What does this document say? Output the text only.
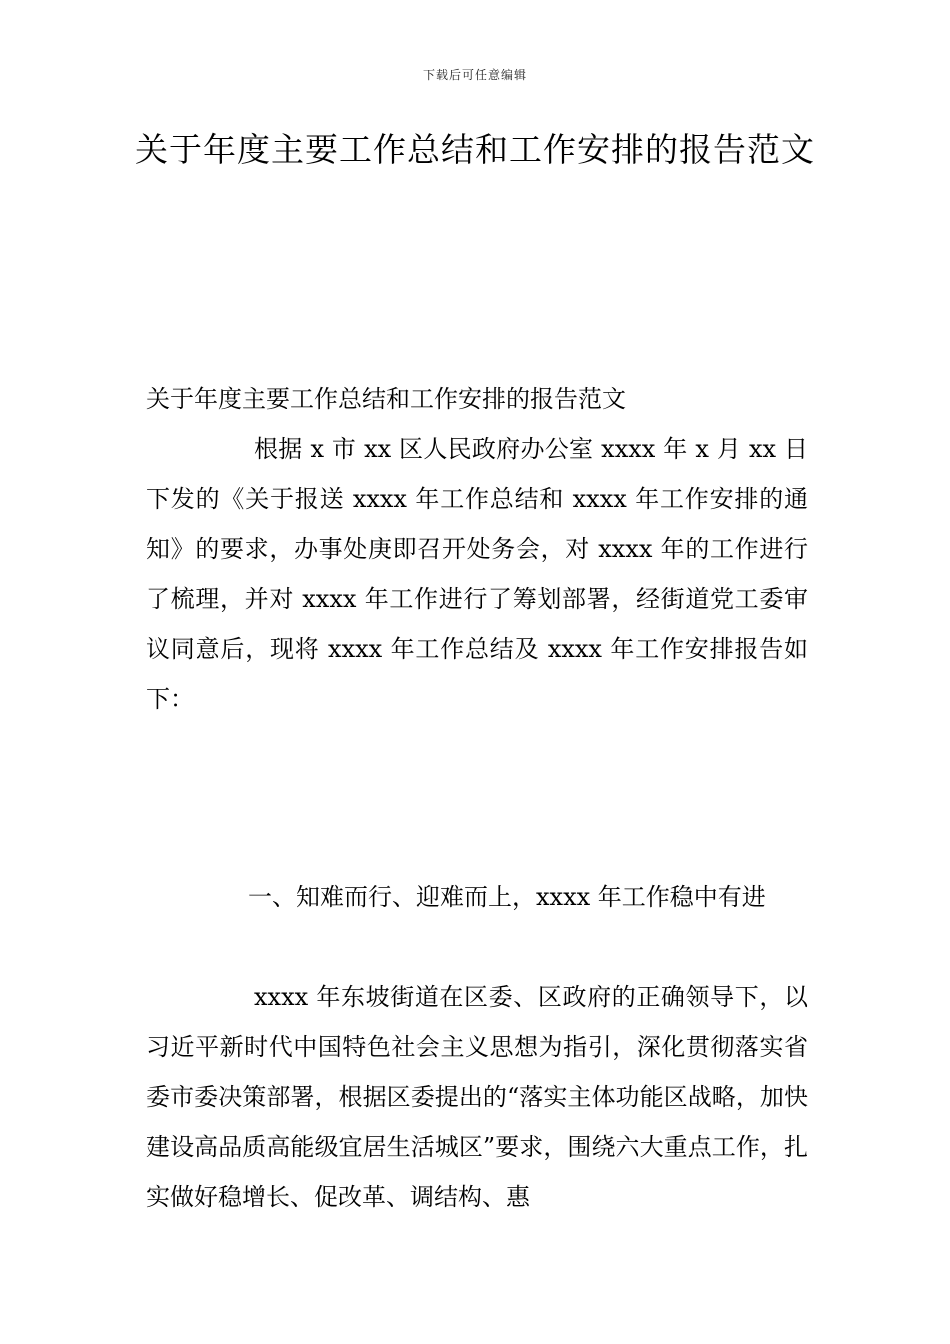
下载后可任意编辑
关于年度主要工作总结和工作安排的报告范文

关于年度主要工作总结和工作安排的报告范文

根据 x 市 xx 区人民政府办公室 xxxx 年 x 月 xx 日下发的《关于报送 xxxx 年工作总结和 xxxx 年工作安排的通知》的要求，办事处庚即召开处务会，对 xxxx 年的工作进行了梳理，并对 xxxx 年工作进行了筹划部署，经街道党工委审议同意后，现将 xxxx 年工作总结及 xxxx 年工作安排报告如下：

一、知难而行、迎难而上，xxxx 年工作稳中有进

xxxx 年东坡街道在区委、区政府的正确领导下，以习近平新时代中国特色社会主义思想为指引，深化贯彻落实省委市委决策部署，根据区委提出的“落实主体功能区战略，加快建设高品质高能级宜居生活城区”要求，围绕六大重点工作，扎实做好稳增长、促改革、调结构、惠
